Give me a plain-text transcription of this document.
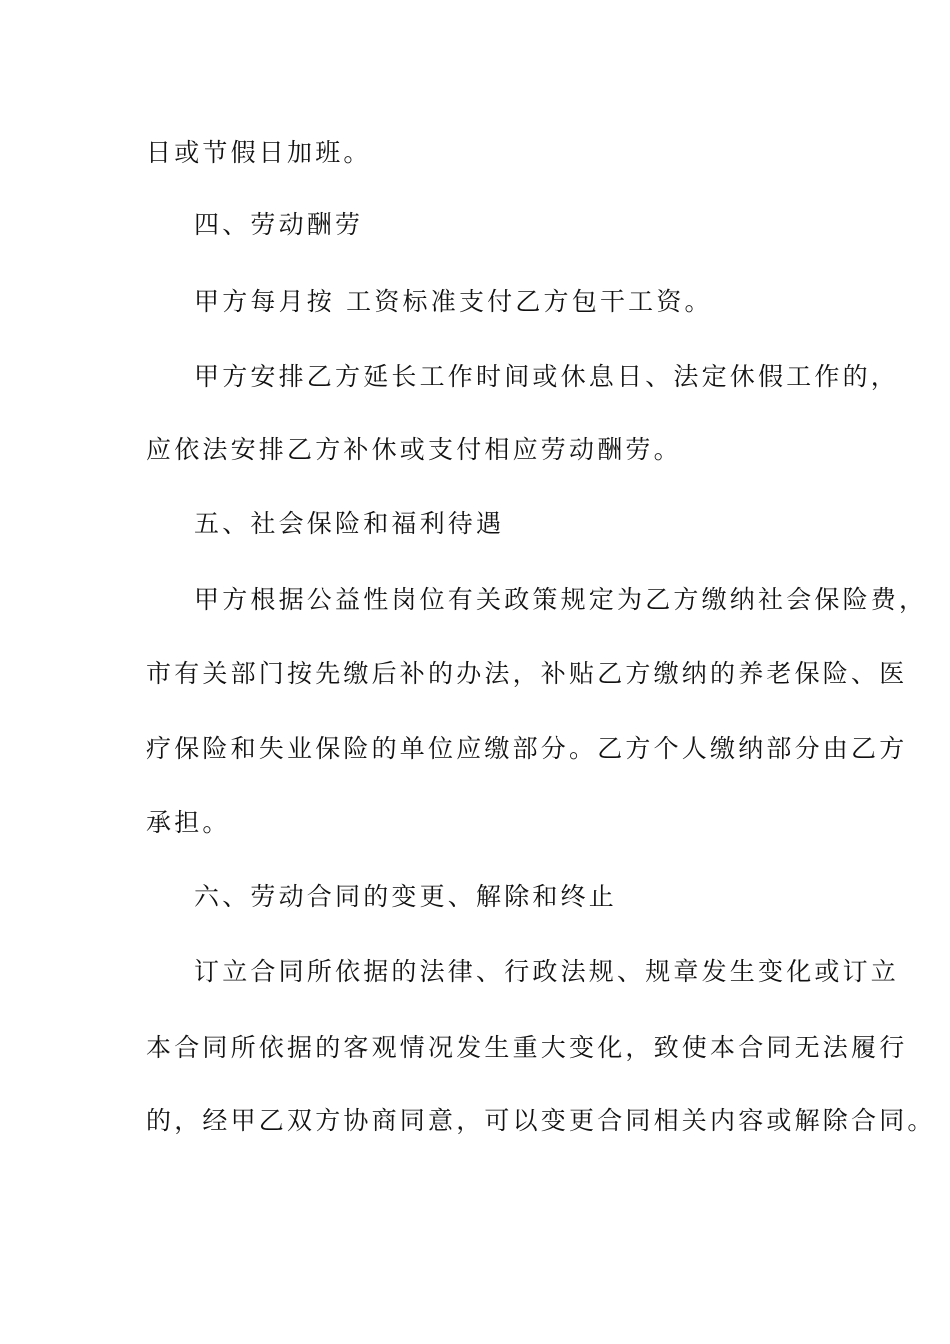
日或节假日加班。
四、劳动酬劳
甲方每月按 工资标准支付乙方包干工资。
甲方安排乙方延长工作时间或休息日、法定休假工作的，
应依法安排乙方补休或支付相应劳动酬劳。
五、社会保险和福利待遇
甲方根据公益性岗位有关政策规定为乙方缴纳社会保险费，
市有关部门按先缴后补的办法，补贴乙方缴纳的养老保险、医
疗保险和失业保险的单位应缴部分。乙方个人缴纳部分由乙方
承担。
六、劳动合同的变更、解除和终止
订立合同所依据的法律、行政法规、规章发生变化或订立
本合同所依据的客观情况发生重大变化，致使本合同无法履行
的，经甲乙双方协商同意，可以变更合同相关内容或解除合同。
